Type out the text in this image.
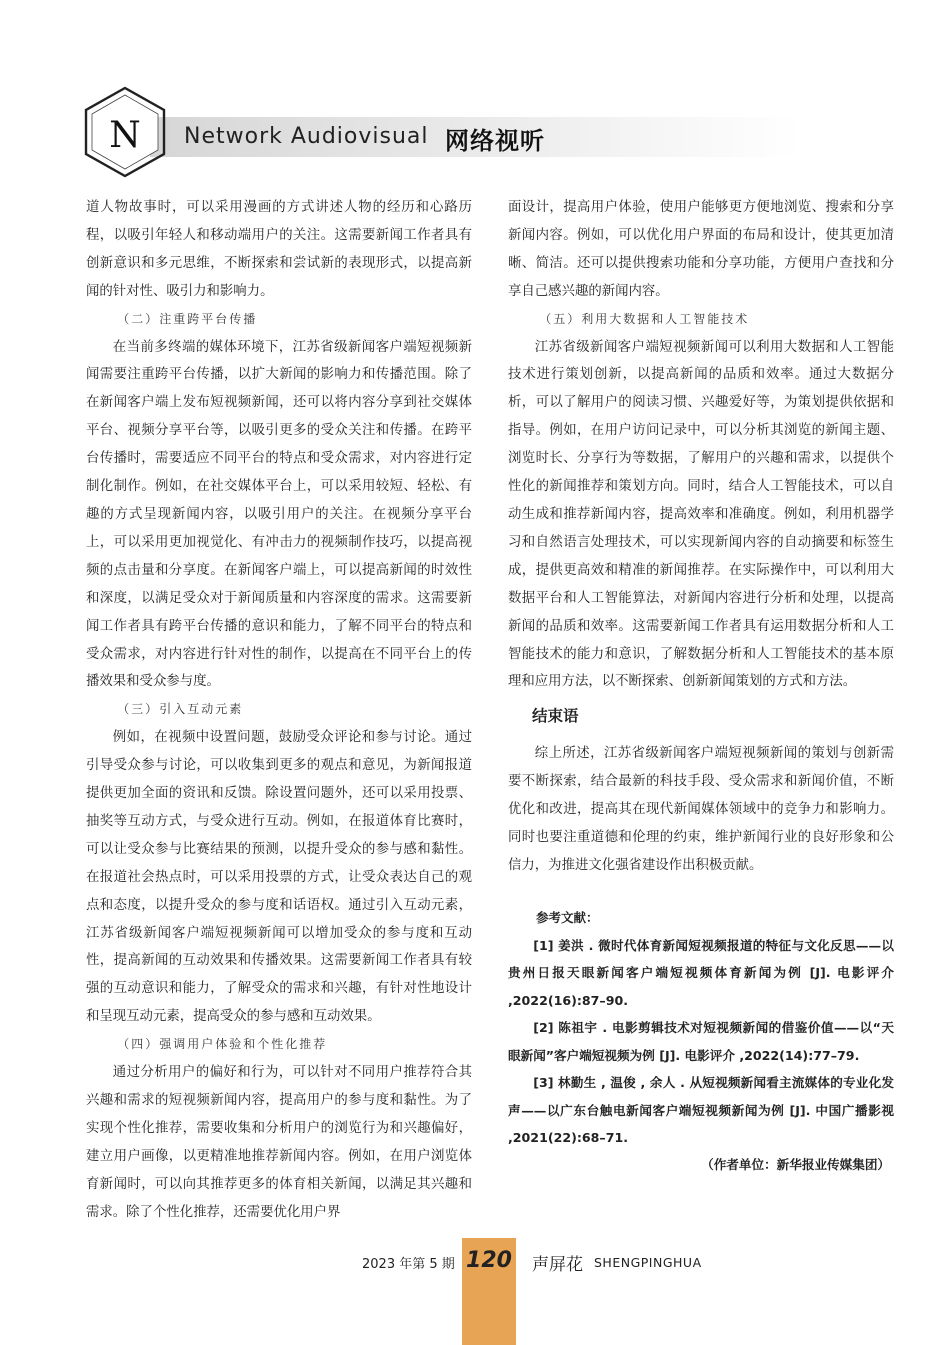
N Network Audiovisual 网络视听

道人物故事时，可以采用漫画的方式讲述人物的经历和心路历程，以吸引年轻人和移动端用户的关注。这需要新闻工作者具有创新意识和多元思维，不断探索和尝试新的表现形式，以提高新闻的针对性、吸引力和影响力。

（二）注重跨平台传播

在当前多终端的媒体环境下，江苏省级新闻客户端短视频新闻需要注重跨平台传播，以扩大新闻的影响力和传播范围。除了在新闻客户端上发布短视频新闻，还可以将内容分享到社交媒体平台、视频分享平台等，以吸引更多的受众关注和传播。在跨平台传播时，需要适应不同平台的特点和受众需求，对内容进行定制化制作。例如，在社交媒体平台上，可以采用较短、轻松、有趣的方式呈现新闻内容，以吸引用户的关注。在视频分享平台上，可以采用更加视觉化、有冲击力的视频制作技巧，以提高视频的点击量和分享度。在新闻客户端上，可以提高新闻的时效性和深度，以满足受众对于新闻质量和内容深度的需求。这需要新闻工作者具有跨平台传播的意识和能力，了解不同平台的特点和受众需求，对内容进行针对性的制作，以提高在不同平台上的传播效果和受众参与度。

（三）引入互动元素

例如，在视频中设置问题，鼓励受众评论和参与讨论。通过引导受众参与讨论，可以收集到更多的观点和意见，为新闻报道提供更加全面的资讯和反馈。除设置问题外，还可以采用投票、抽奖等互动方式，与受众进行互动。例如，在报道体育比赛时，可以让受众参与比赛结果的预测，以提升受众的参与感和黏性。在报道社会热点时，可以采用投票的方式，让受众表达自己的观点和态度，以提升受众的参与度和话语权。通过引入互动元素，江苏省级新闻客户端短视频新闻可以增加受众的参与度和互动性，提高新闻的互动效果和传播效果。这需要新闻工作者具有较强的互动意识和能力，了解受众的需求和兴趣，有针对性地设计和呈现互动元素，提高受众的参与感和互动效果。

（四）强调用户体验和个性化推荐

通过分析用户的偏好和行为，可以针对不同用户推荐符合其兴趣和需求的短视频新闻内容，提高用户的参与度和黏性。为了实现个性化推荐，需要收集和分析用户的浏览行为和兴趣偏好，建立用户画像，以更精准地推荐新闻内容。例如，在用户浏览体育新闻时，可以向其推荐更多的体育相关新闻，以满足其兴趣和需求。除了个性化推荐，还需要优化用户界

面设计，提高用户体验，使用户能够更方便地浏览、搜索和分享新闻内容。例如，可以优化用户界面的布局和设计，使其更加清晰、简洁。还可以提供搜索功能和分享功能，方便用户查找和分享自己感兴趣的新闻内容。

（五）利用大数据和人工智能技术

江苏省级新闻客户端短视频新闻可以利用大数据和人工智能技术进行策划创新，以提高新闻的品质和效率。通过大数据分析，可以了解用户的阅读习惯、兴趣爱好等，为策划提供依据和指导。例如，在用户访问记录中，可以分析其浏览的新闻主题、浏览时长、分享行为等数据，了解用户的兴趣和需求，以提供个性化的新闻推荐和策划方向。同时，结合人工智能技术，可以自动生成和推荐新闻内容，提高效率和准确度。例如，利用机器学习和自然语言处理技术，可以实现新闻内容的自动摘要和标签生成，提供更高效和精准的新闻推荐。在实际操作中，可以利用大数据平台和人工智能算法，对新闻内容进行分析和处理，以提高新闻的品质和效率。这需要新闻工作者具有运用数据分析和人工智能技术的能力和意识，了解数据分析和人工智能技术的基本原理和应用方法，以不断探索、创新新闻策划的方式和方法。

结束语

综上所述，江苏省级新闻客户端短视频新闻的策划与创新需要不断探索，结合最新的科技手段、受众需求和新闻价值，不断优化和改进，提高其在现代新闻媒体领域中的竞争力和影响力。同时也要注重道德和伦理的约束，维护新闻行业的良好形象和公信力，为推进文化强省建设作出积极贡献。

参考文献：

[1] 姜洪 . 微时代体育新闻短视频报道的特征与文化反思——以贵州日报天眼新闻客户端短视频体育新闻为例 [J]. 电影评介 ,2022(16):87–90.

[2] 陈祖宇 . 电影剪辑技术对短视频新闻的借鉴价值——以“天眼新闻”客户端短视频为例 [J]. 电影评介 ,2022(14):77–79.

[3] 林勤生 , 温俊 , 余人 . 从短视频新闻看主流媒体的专业化发声——以广东台触电新闻客户端短视频新闻为例 [J]. 中国广播影视 ,2021(22):68–71.

（作者单位：新华报业传媒集团）

2023 年第 5 期 120 声屏花 SHENGPINGHUA
